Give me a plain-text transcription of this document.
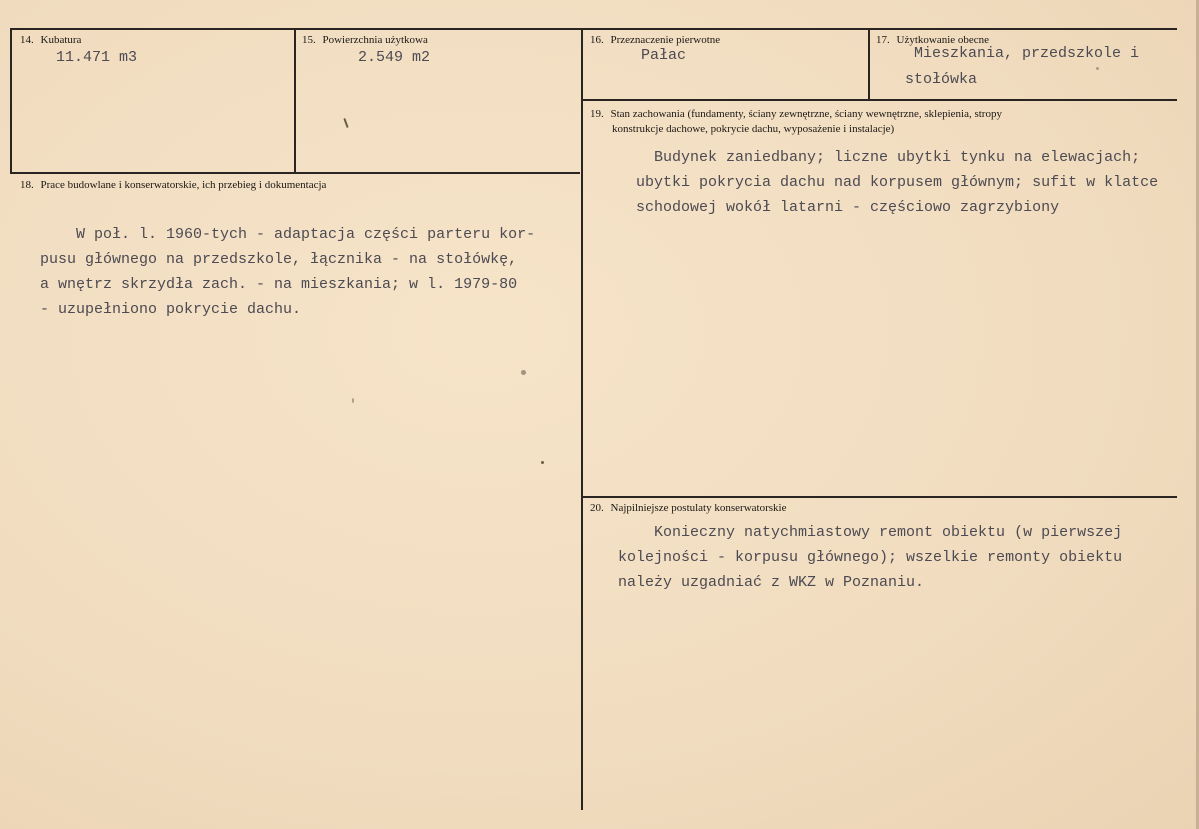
14. Kubatura
11.471 m3
15. Powierzchnia użytkowa
2.549 m2
16. Przeznaczenie pierwotne
Pałac
17. Użytkowanie obecne
Mieszkania, przedszkole i
stołówka
18. Prace budowlane i konserwatorskie, ich przebieg i dokumentacja
W poł. l. 1960-tych - adaptacja części parteru kor-
pusu głównego na przedszkole, łącznika - na stołówkę,
a wnętrz skrzydła zach. - na mieszkania; w l. 1979-80
- uzupełniono pokrycie dachu.
19. Stan zachowania (fundamenty, ściany zewnętrzne, ściany wewnętrzne, sklepienia, stropy
konstrukcje dachowe, pokrycie dachu, wyposażenie i instalacje)
Budynek zaniedbany; liczne ubytki tynku na elewacjach;
ubytki pokrycia dachu nad korpusem głównym; sufit w klatce
schodowej wokół latarni - częściowo zagrzybiony
20. Najpilniejsze postulaty konserwatorskie
Konieczny natychmiastowy remont obiektu (w pierwszej
kolejności - korpusu głównego); wszelkie remonty obiektu
należy uzgadniać z WKZ w Poznaniu.
